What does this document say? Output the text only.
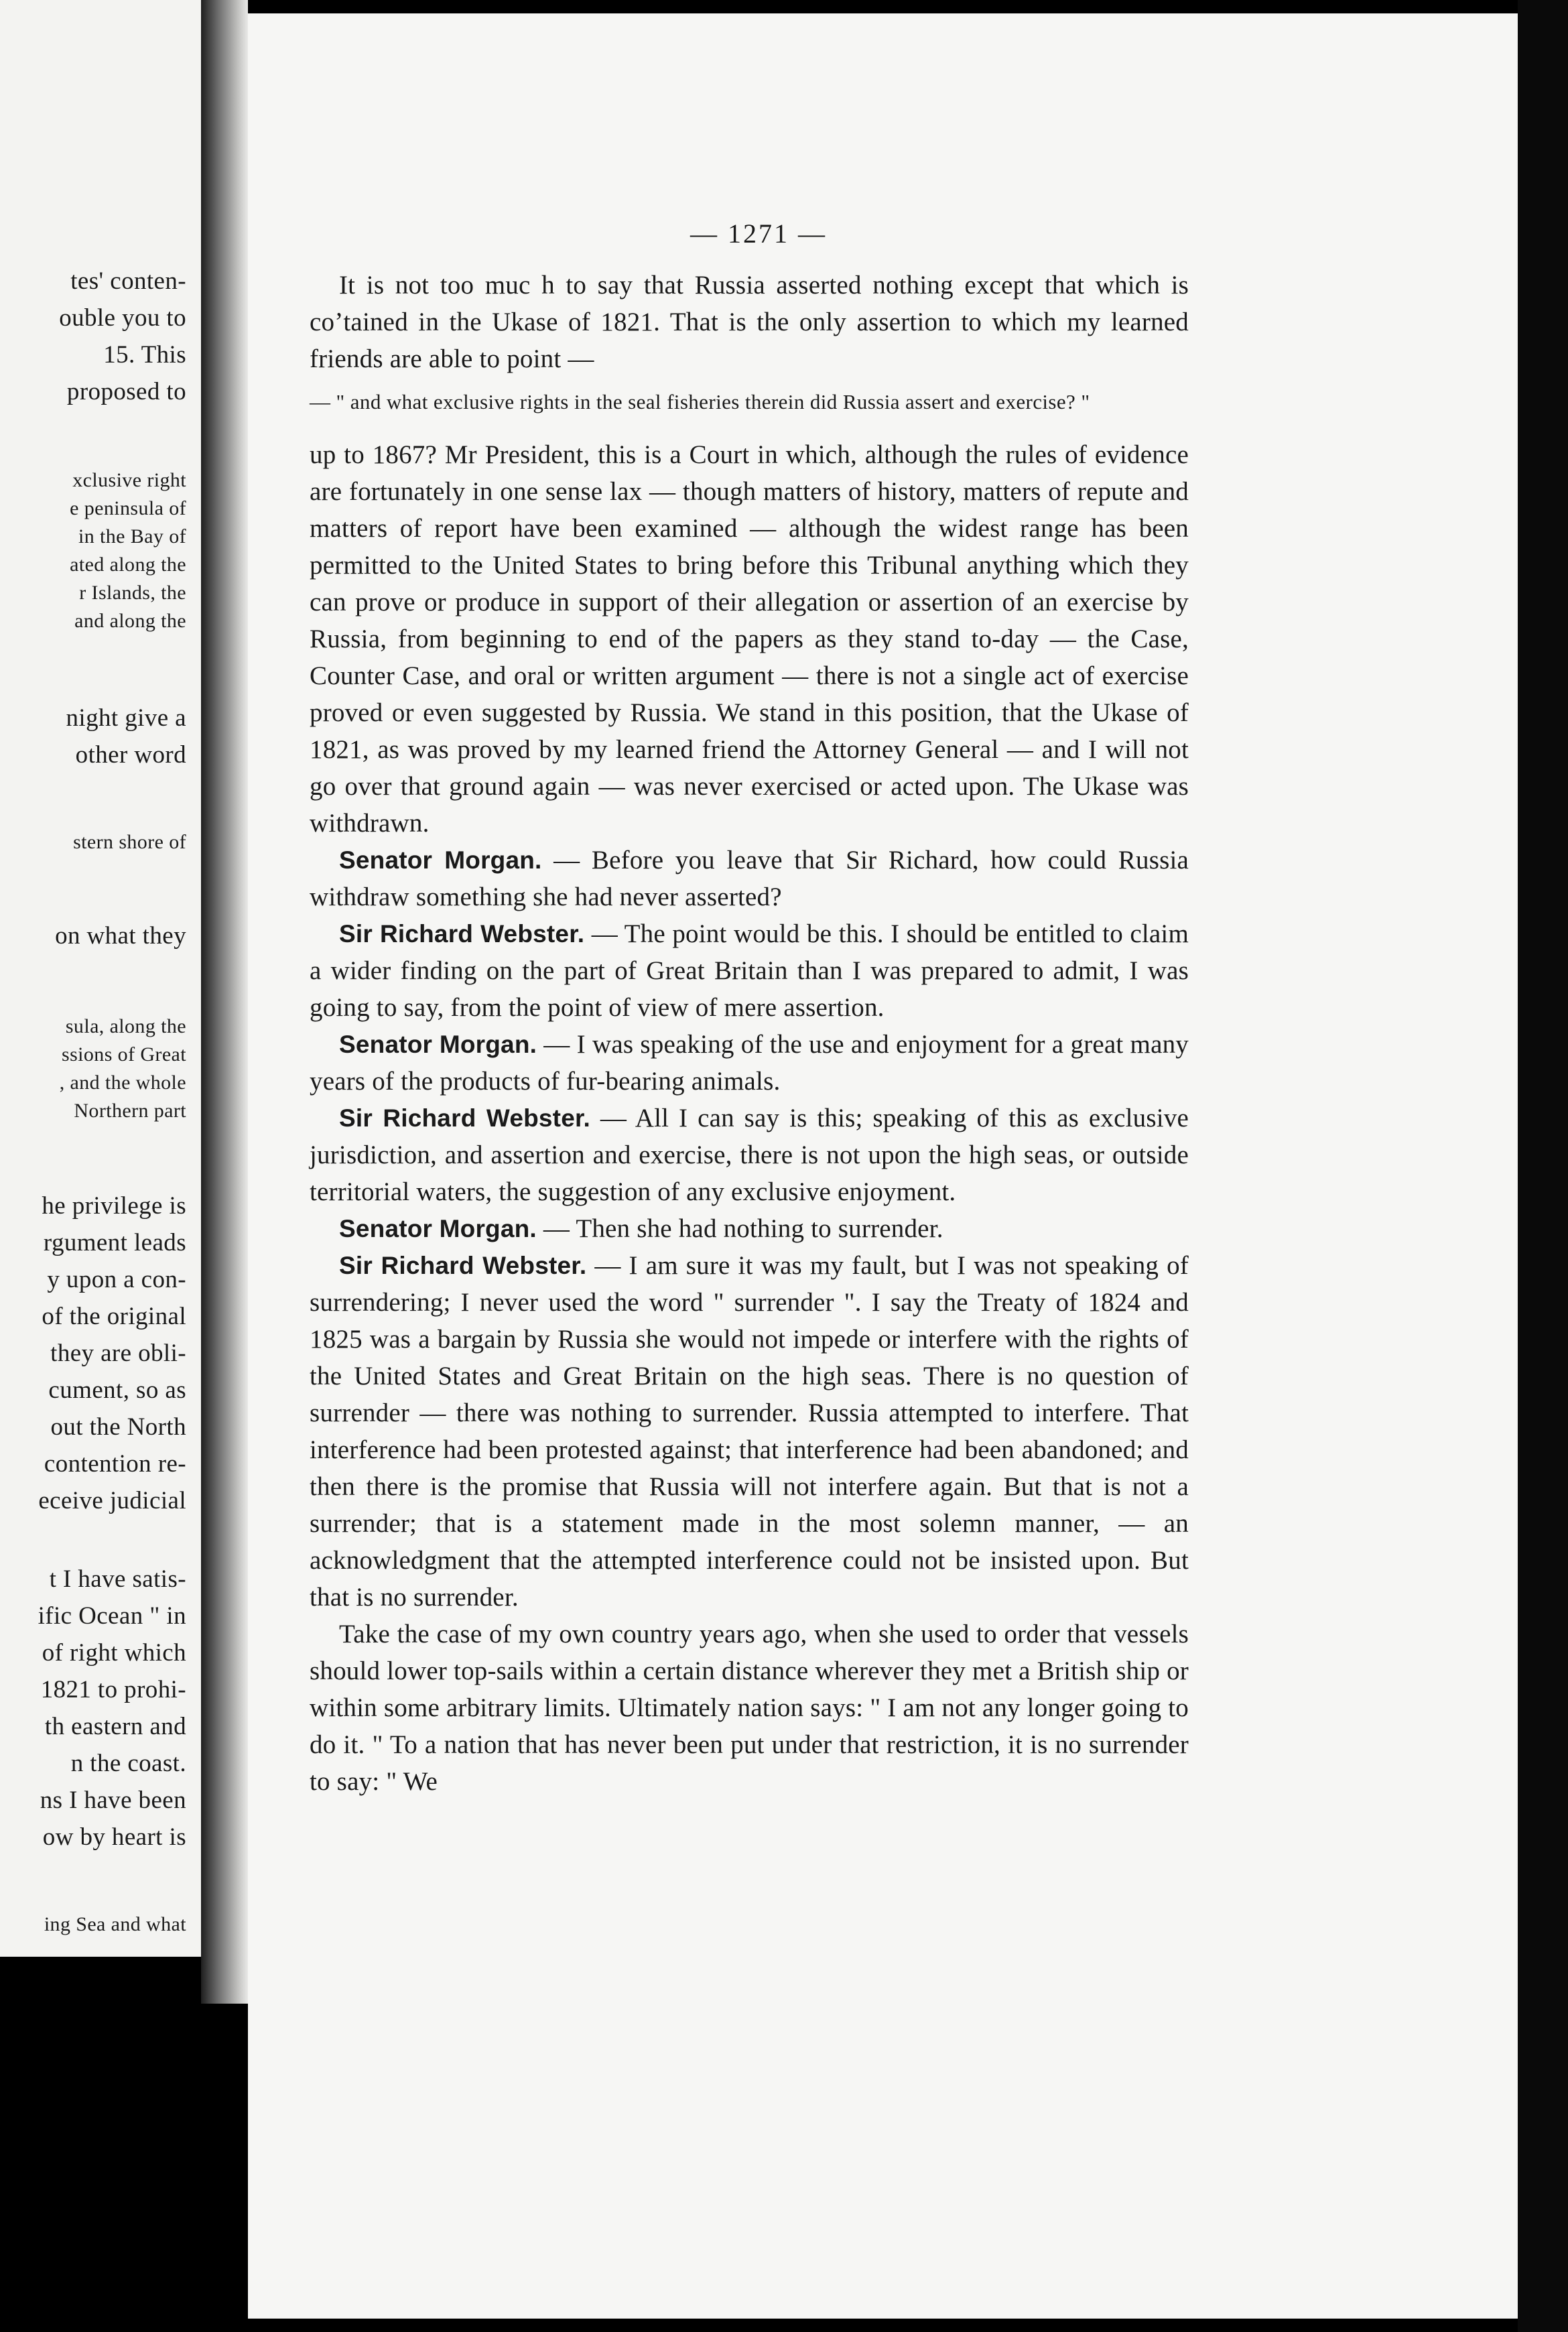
tes' conten-
ouble you to
15. This
proposed to
xclusive right
e peninsula of
in the Bay of
ated along the
r Islands, the
and along the
night give a
other word
stern shore of
on what they
sula, along the
ssions of Great
, and the whole
Northern part
he privilege is
rgument leads
y upon a con-
of the original
they are obli-
cument, so as
out the North
contention re-
eceive judicial
t I have satis-
ific Ocean " in
of right which
1821 to prohi-
th eastern and
n the coast.
ns I have been
ow by heart is
ing Sea and what
— 1271 —

It is not too muc h to say that Russia asserted nothing except that which is coʼtained in the Ukase of 1821. That is the only assertion to which my learned friends are able to point —

— " and what exclusive rights in the seal fisheries therein did Russia assert and exercise? "

up to 1867? Mr President, this is a Court in which, although the rules of evidence are fortunately in one sense lax — though matters of history, matters of repute and matters of report have been examined — although the widest range has been permitted to the United States to bring before this Tribunal anything which they can prove or produce in support of their allegation or assertion of an exercise by Russia, from beginning to end of the papers as they stand to-day — the Case, Counter Case, and oral or written argument — there is not a single act of exercise proved or even suggested by Russia. We stand in this position, that the Ukase of 1821, as was proved by my learned friend the Attorney General — and I will not go over that ground again — was never exercised or acted upon. The Ukase was withdrawn.

Senator Morgan. — Before you leave that Sir Richard, how could Russia withdraw something she had never asserted?

Sir Richard Webster. — The point would be this. I should be entitled to claim a wider finding on the part of Great Britain than I was prepared to admit, I was going to say, from the point of view of mere assertion.

Senator Morgan. — I was speaking of the use and enjoyment for a great many years of the products of fur-bearing animals.

Sir Richard Webster. — All I can say is this; speaking of this as exclusive jurisdiction, and assertion and exercise, there is not upon the high seas, or outside territorial waters, the suggestion of any exclusive enjoyment.

Senator Morgan. — Then she had nothing to surrender.

Sir Richard Webster. — I am sure it was my fault, but I was not speaking of surrendering; I never used the word " surrender ". I say the Treaty of 1824 and 1825 was a bargain by Russia she would not impede or interfere with the rights of the United States and Great Britain on the high seas. There is no question of surrender — there was nothing to surrender. Russia attempted to interfere. That interference had been protested against; that interference had been abandoned; and then there is the promise that Russia will not interfere again. But that is not a surrender; that is a statement made in the most solemn manner, — an acknowledgment that the attempted interference could not be insisted upon. But that is no surrender.

Take the case of my own country years ago, when she used to order that vessels should lower top-sails within a certain distance wherever they met a British ship or within some arbitrary limits. Ultimately nation says: " I am not any longer going to do it. " To a nation that has never been put under that restriction, it is no surrender to say: " We
